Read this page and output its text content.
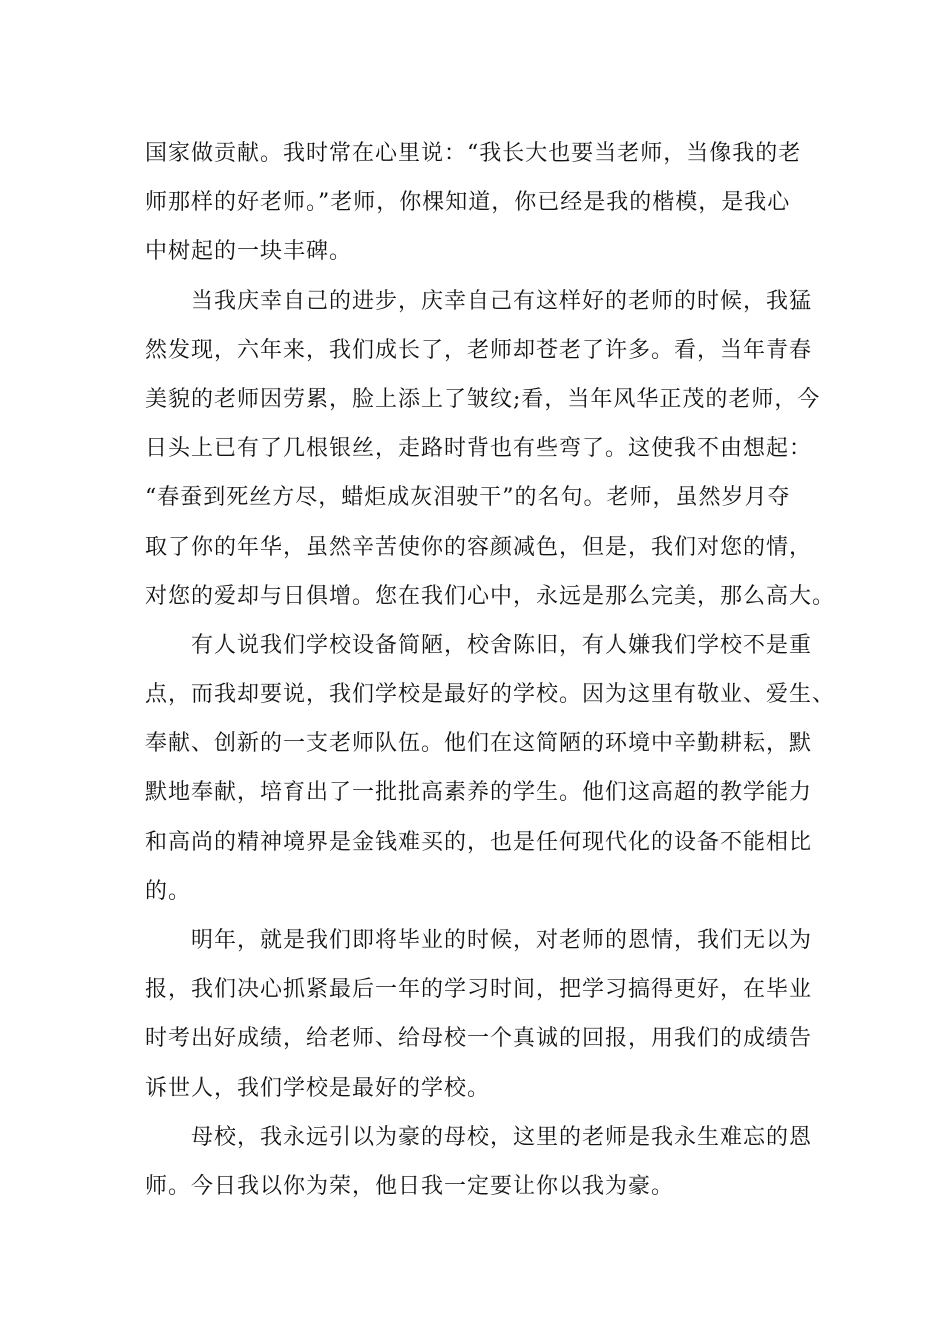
国家做贡献。我时常在心里说：“我长大也要当老师，当像我的老
师那样的好老师。”老师，你棵知道，你已经是我的楷模，是我心
中树起的一块丰碑。
　　当我庆幸自己的进步，庆幸自己有这样好的老师的时候，我猛
然发现，六年来，我们成长了，老师却苍老了许多。看，当年青春
美貌的老师因劳累，脸上添上了皱纹;看，当年风华正茂的老师，今
日头上已有了几根银丝，走路时背也有些弯了。这使我不由想起：
“春蚕到死丝方尽，蜡炬成灰泪驶干”的名句。老师，虽然岁月夺
取了你的年华，虽然辛苦使你的容颜减色，但是，我们对您的情，
对您的爱却与日俱增。您在我们心中，永远是那么完美，那么高大。
　　有人说我们学校设备简陋，校舍陈旧，有人嫌我们学校不是重
点，而我却要说，我们学校是最好的学校。因为这里有敬业、爱生、
奉献、创新的一支老师队伍。他们在这简陋的环境中辛勤耕耘，默
默地奉献，培育出了一批批高素养的学生。他们这高超的教学能力
和高尚的精神境界是金钱难买的，也是任何现代化的设备不能相比
的。
　　明年，就是我们即将毕业的时候，对老师的恩情，我们无以为
报，我们决心抓紧最后一年的学习时间，把学习搞得更好，在毕业
时考出好成绩，给老师、给母校一个真诚的回报，用我们的成绩告
诉世人，我们学校是最好的学校。
　　母校，我永远引以为豪的母校，这里的老师是我永生难忘的恩
师。今日我以你为荣，他日我一定要让你以我为豪。
